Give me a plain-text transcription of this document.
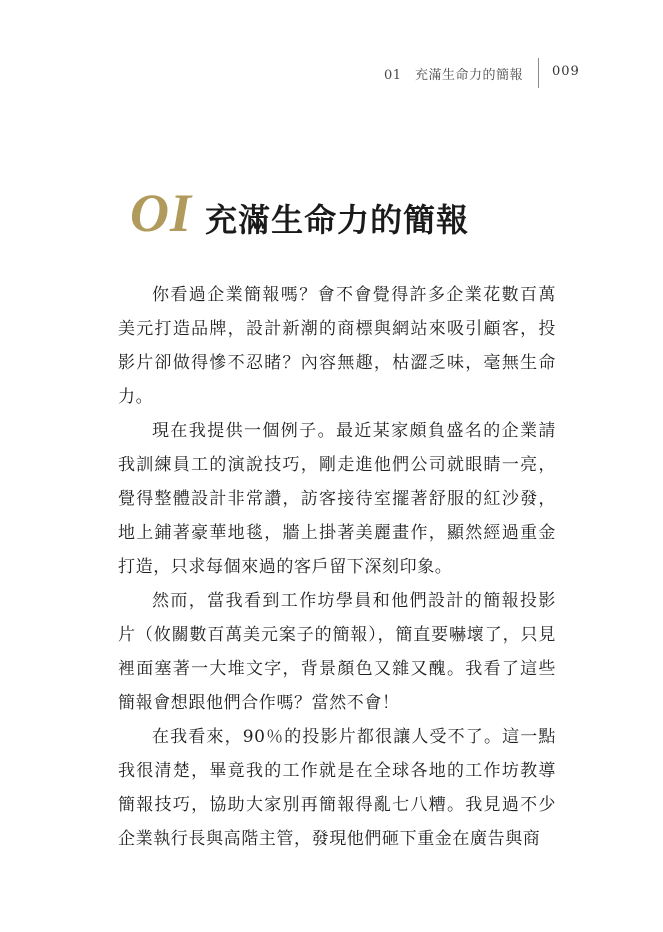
01　充滿生命力的簡報 009
OI 充滿生命力的簡報

你看過企業簡報嗎？會不會覺得許多企業花數百萬美元打造品牌，設計新潮的商標與網站來吸引顧客，投影片卻做得慘不忍睹？內容無趣，枯澀乏味，毫無生命力。

現在我提供一個例子。最近某家頗負盛名的企業請我訓練員工的演說技巧，剛走進他們公司就眼睛一亮，覺得整體設計非常讚，訪客接待室擺著舒服的紅沙發，地上鋪著豪華地毯，牆上掛著美麗畫作，顯然經過重金打造，只求每個來過的客戶留下深刻印象。

然而，當我看到工作坊學員和他們設計的簡報投影片（攸關數百萬美元案子的簡報），簡直要嚇壞了，只見裡面塞著一大堆文字，背景顏色又雜又醜。我看了這些簡報會想跟他們合作嗎？當然不會！

在我看來，90％的投影片都很讓人受不了。這一點我很清楚，畢竟我的工作就是在全球各地的工作坊教導簡報技巧，協助大家別再簡報得亂七八糟。我見過不少企業執行長與高階主管，發現他們砸下重金在廣告與商
